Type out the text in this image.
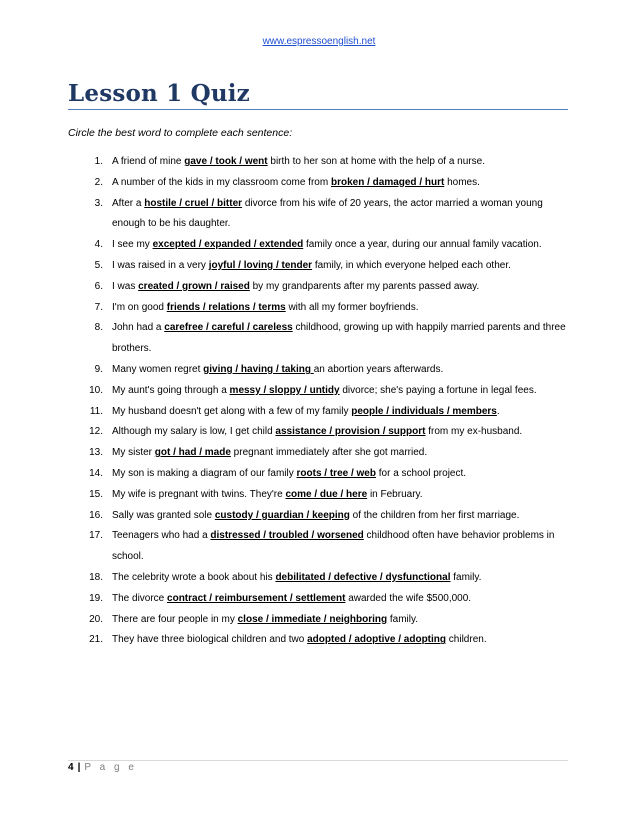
www.espressoenglish.net
Lesson 1 Quiz
Circle the best word to complete each sentence:
1. A friend of mine gave / took / went birth to her son at home with the help of a nurse.
2. A number of the kids in my classroom come from broken / damaged / hurt homes.
3. After a hostile / cruel / bitter divorce from his wife of 20 years, the actor married a woman young enough to be his daughter.
4. I see my excepted / expanded / extended family once a year, during our annual family vacation.
5. I was raised in a very joyful / loving / tender family, in which everyone helped each other.
6. I was created / grown / raised by my grandparents after my parents passed away.
7. I'm on good friends / relations / terms with all my former boyfriends.
8. John had a carefree / careful / careless childhood, growing up with happily married parents and three brothers.
9. Many women regret giving / having / taking an abortion years afterwards.
10. My aunt's going through a messy / sloppy / untidy divorce; she's paying a fortune in legal fees.
11. My husband doesn't get along with a few of my family people / individuals / members.
12. Although my salary is low, I get child assistance / provision / support from my ex-husband.
13. My sister got / had / made pregnant immediately after she got married.
14. My son is making a diagram of our family roots / tree / web for a school project.
15. My wife is pregnant with twins. They're come / due / here in February.
16. Sally was granted sole custody / guardian / keeping of the children from her first marriage.
17. Teenagers who had a distressed / troubled / worsened childhood often have behavior problems in school.
18. The celebrity wrote a book about his debilitated / defective / dysfunctional family.
19. The divorce contract / reimbursement / settlement awarded the wife $500,000.
20. There are four people in my close / immediate / neighboring family.
21. They have three biological children and two adopted / adoptive / adopting children.
4 | P a g e
